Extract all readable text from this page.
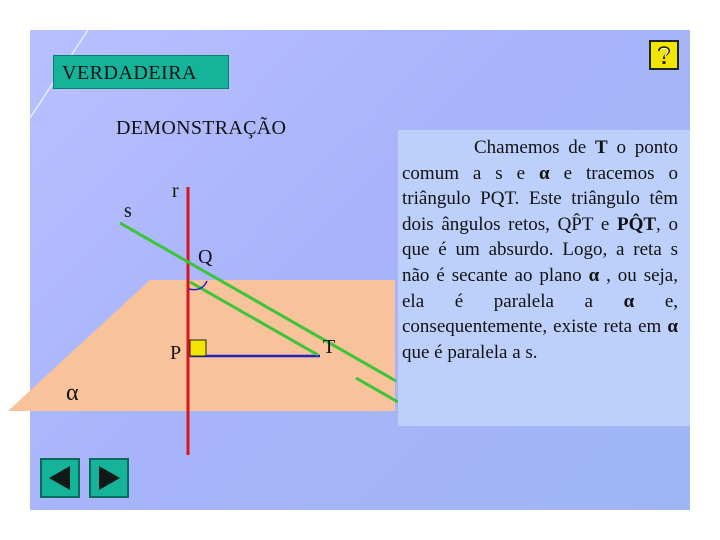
VERDADEIRA
DEMONSTRAÇÃO
s
r
Q
P	T
α

Chamemos de T o ponto comum a s e α e tracemos o triângulo PQT. Este triângulo têm dois ângulos retos, QP̂T e PQ̂T, o que é um absurdo. Logo, a reta s não é secante ao plano α , ou seja, ela é paralela a α e, consequentemente, existe reta em α que é paralela a s.
